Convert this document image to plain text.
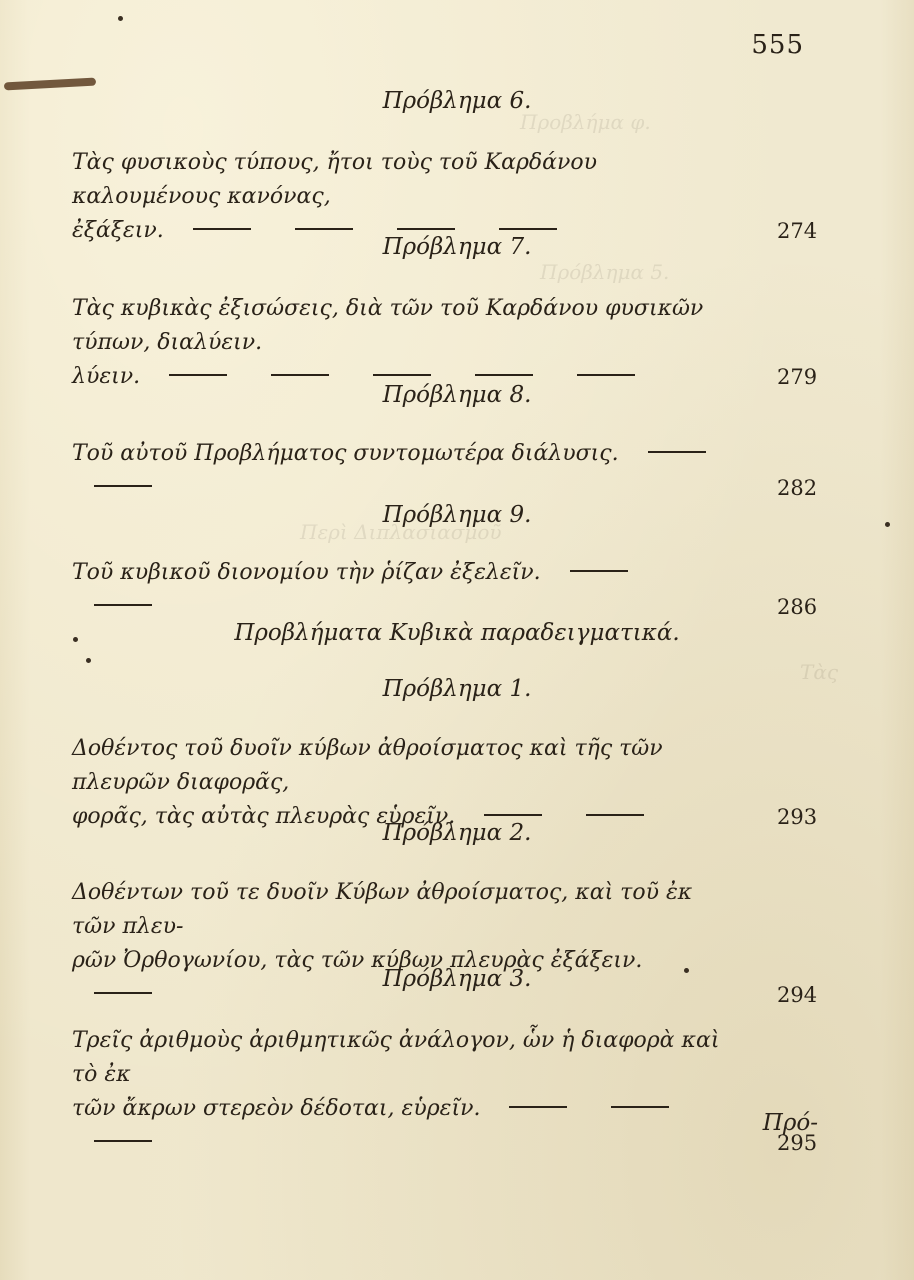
Προβλήμα φ.
Πρόβλημα 5.
Περὶ Διπλασιασμοῦ
Τὰς
555
Πρόβλημα 6.
Τὰς φυσικοὺς τύπους, ἤτοι τοὺς τοῦ Καρδάνου καλουμένους κανόνας,
ἐξάξειν.	274
Πρόβλημα 7.
Τὰς κυβικὰς ἐξισώσεις, διὰ τῶν τοῦ Καρδάνου φυσικῶν τύπων, διαλύειν.
λύειν.	279
Πρόβλημα 8.
Τοῦ αὐτοῦ Προβλήματος συντομωτέρα διάλυσις.
282
Πρόβλημα 9.
Τοῦ κυβικοῦ διονομίου τὴν ῥίζαν ἐξελεῖν.
286
Προβλήματα Κυβικὰ παραδειγματικά.
Πρόβλημα 1.
Δοθέντος τοῦ δυοῖν κύβων ἀθροίσματος καὶ τῆς τῶν πλευρῶν διαφορᾶς,
φορᾶς, τὰς αὐτὰς πλευρὰς εὑρεῖν.	293
Πρόβλημα 2.
Δοθέντων τοῦ τε δυοῖν Κύβων ἀθροίσματος, καὶ τοῦ ἐκ τῶν πλευ-
ρῶν Ὀρθογωνίου, τὰς τῶν κύβων πλευρὰς ἐξάξειν.
294
Πρόβλημα 3.
Τρεῖς ἀριθμοὺς ἀριθμητικῶς ἀνάλογον, ὧν ἡ διαφορὰ καὶ τὸ ἐκ
τῶν ἄκρων στερεὸν δέδοται, εὑρεῖν.
295
Πρό-
